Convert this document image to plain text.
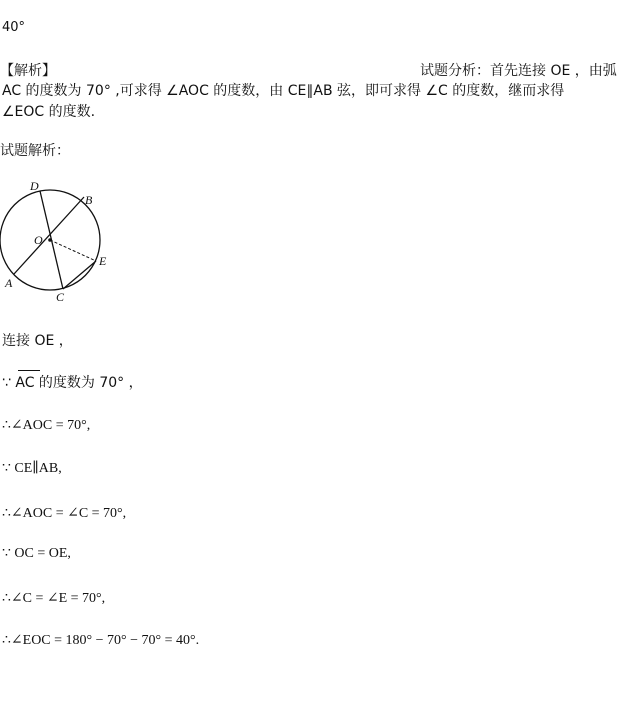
40°
【解析】	试题分析：首先连接 OE ，由弧
AC 的度数为 70° ,可求得 ∠AOC 的度数，由 CE∥AB 弦，即可求得 ∠C 的度数，继而求得
∠EOC 的度数.
试题解析：
D
B
O
E
A
C
连接 OE ，
∵ AC 的度数为 70° ，
∴∠AOC = 70°,
∵ CE∥AB,
∴∠AOC = ∠C = 70°,
∵ OC = OE,
∴∠C = ∠E = 70°,
∴∠EOC = 180° − 70° − 70° = 40°.
